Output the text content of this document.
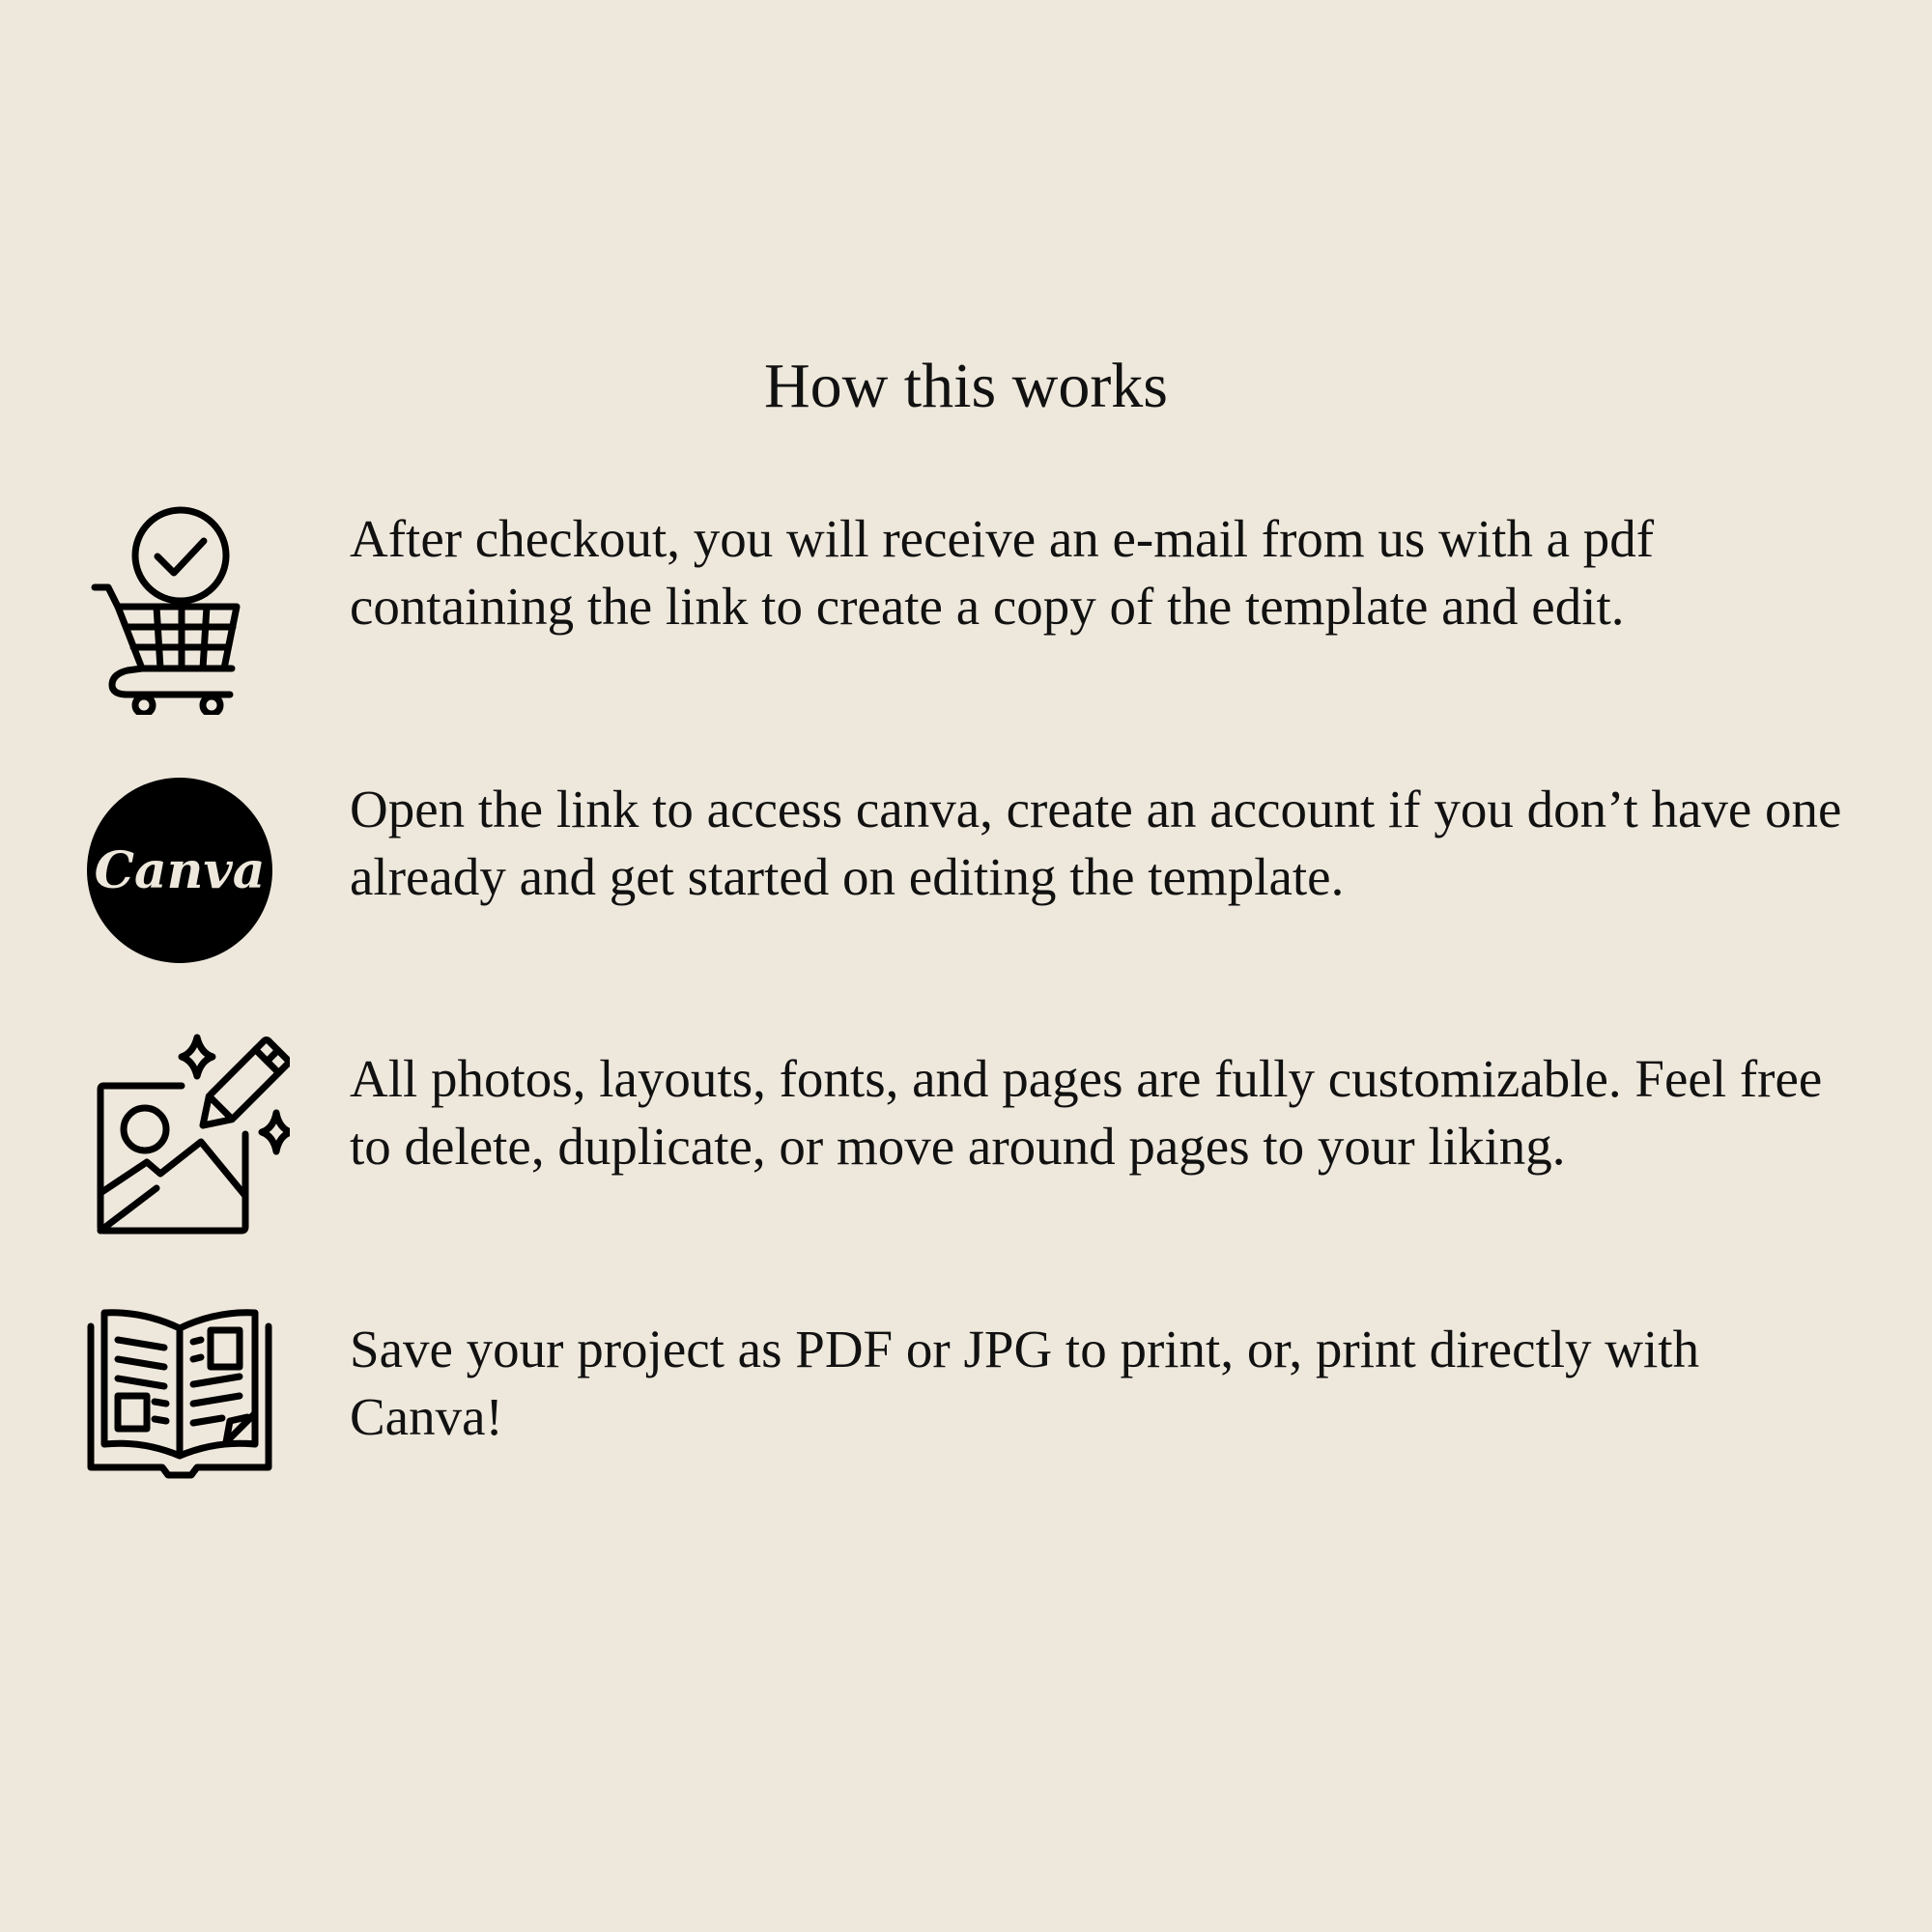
How this works

After checkout, you will receive an e-mail from us with a pdf containing the link to create a copy of the template and edit.

Canva

Open the link to access canva, create an account if you don’t have one already and get started on editing the template.

All photos, layouts, fonts, and pages are fully customizable. Feel free to delete, duplicate, or move around pages to your liking.

Save your project as PDF or JPG to print, or, print directly with Canva!
